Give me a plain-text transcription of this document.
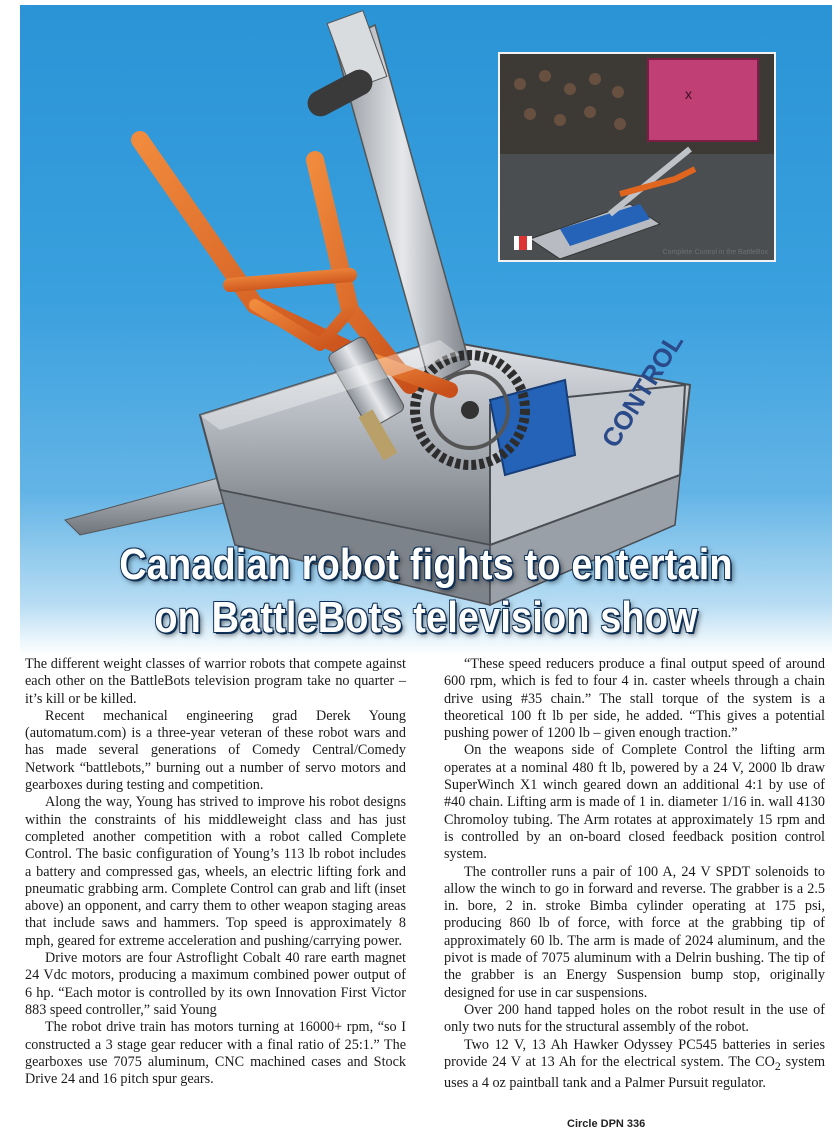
CONTROL
x
Complete Control in the BattleBox
Canadian robot fights to entertain
on BattleBots television show

The different weight classes of warrior robots that compete against each other on the BattleBots television program take no quarter – it’s kill or be killed.

Recent mechanical engineering grad Derek Young (automatum.com) is a three-year veteran of these robot wars and has made several generations of Comedy Central/Comedy Network “battlebots,” burning out a number of servo motors and gearboxes during testing and competition.

Along the way, Young has strived to improve his robot designs within the constraints of his middleweight class and has just completed another competition with a robot called Complete Control. The basic configuration of Young’s 113 lb robot includes a battery and compressed gas, wheels, an electric lifting fork and pneumatic grabbing arm. Complete Control can grab and lift (inset above) an opponent, and carry them to other weapon staging areas that include saws and hammers. Top speed is approximately 8 mph, geared for extreme acceleration and pushing/carrying power.

Drive motors are four Astroflight Cobalt 40 rare earth magnet 24 Vdc motors, producing a maximum combined power output of 6 hp. “Each motor is controlled by its own Innovation First Victor 883 speed controller,” said Young

The robot drive train has motors turning at 16000+ rpm, “so I constructed a 3 stage gear reducer with a final ratio of 25:1.” The gearboxes use 7075 aluminum, CNC machined cases and Stock Drive 24 and 16 pitch spur gears.

“These speed reducers produce a final output speed of around 600 rpm, which is fed to four 4 in. caster wheels through a chain drive using #35 chain.” The stall torque of the system is a theoretical 100 ft lb per side, he added. “This gives a potential pushing power of 1200 lb – given enough traction.”

On the weapons side of Complete Control the lifting arm operates at a nominal 480 ft lb, powered by a 24 V, 2000 lb draw SuperWinch X1 winch geared down an additional 4:1 by use of #40 chain. Lifting arm is made of 1 in. diameter 1/16 in. wall 4130 Chromoloy tubing. The Arm rotates at approximately 15 rpm and is controlled by an on-board closed feedback position control system.

The controller runs a pair of 100 A, 24 V SPDT solenoids to allow the winch to go in forward and reverse. The grabber is a 2.5 in. bore, 2 in. stroke Bimba cylinder operating at 175 psi, producing 860 lb of force, with force at the grabbing tip of approximately 60 lb. The arm is made of 2024 aluminum, and the pivot is made of 7075 aluminum with a Delrin bushing. The tip of the grabber is an Energy Suspension bump stop, originally designed for use in car suspensions.

Over 200 hand tapped holes on the robot result in the use of only two nuts for the structural assembly of the robot.

Two 12 V, 13 Ah Hawker Odyssey PC545 batteries in series provide 24 V at 13 Ah for the electrical system. The $CO_2$ system uses a 4 oz paintball tank and a Palmer Pursuit regulator.

Circle DPN 336
